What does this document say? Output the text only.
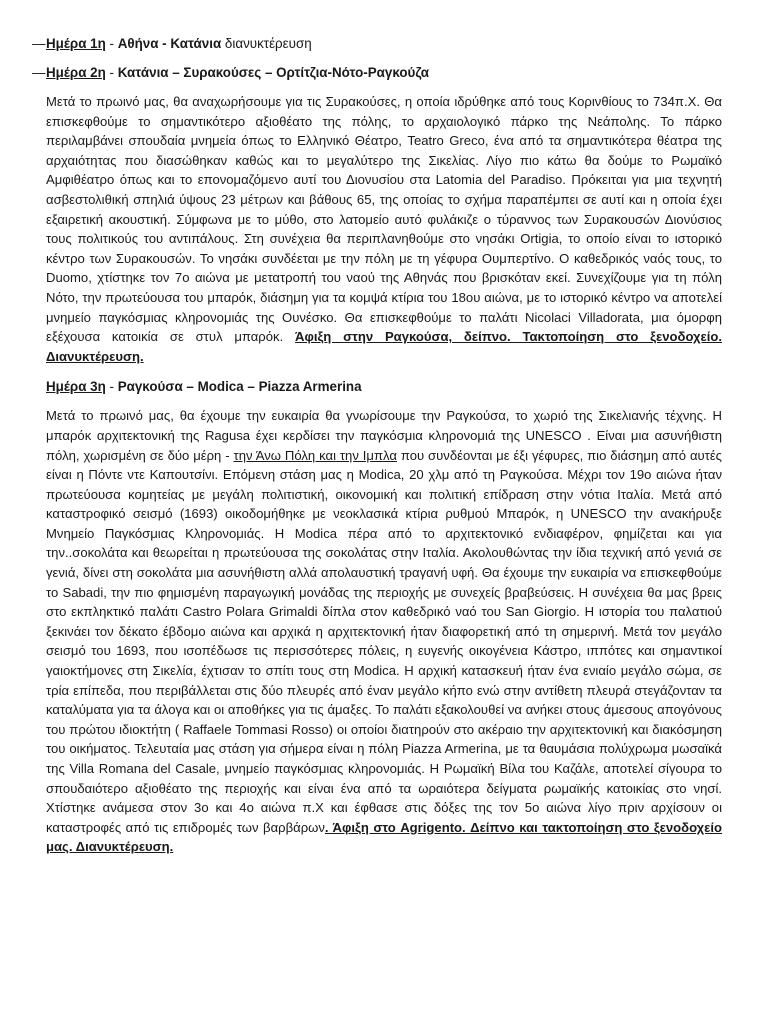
— Ημέρα 1η - Αθήνα - Κατάνια διανυκτέρευση
— Ημέρα 2η - Κατάνια – Συρακούσες – Ορτίτζια-Νότο-Ραγκούζα

Μετά το πρωινό μας, θα αναχωρήσουμε για τις Συρακούσες, η οποία ιδρύθηκε από τους Κορινθίους το 734π.Χ. Θα επισκεφθούμε το σημαντικότερο αξιοθέατο της πόλης, το αρχαιολογικό πάρκο της Νεάπολης. Το πάρκο περιλαμβάνει σπουδαία μνημεία όπως το Ελληνικό Θέατρο, Teatro Greco, ένα από τα σημαντικότερα θέατρα της αρχαιότητας που διασώθηκαν καθώς και το μεγαλύτερο της Σικελίας. Λίγο πιο κάτω θα δούμε το Ρωμαϊκό Αμφιθέατρο όπως και το επονομαζόμενο αυτί του Διονυσίου στα Latomia del Paradiso. Πρόκειται για μια τεχνητή ασβεστολιθική σπηλιά ύψους 23 μέτρων και βάθους 65, της οποίας το σχήμα παραπέμπει σε αυτί και η οποία έχει εξαιρετική ακουστική. Σύμφωνα με το μύθο, στο λατομείο αυτό φυλάκιζε ο τύραννος των Συρακουσών Διονύσιος τους πολιτικούς του αντιπάλους. Στη συνέχεια θα περιπλανηθούμε στο νησάκι Ortigia, το οποίο είναι το ιστορικό κέντρο των Συρακουσών. Το νησάκι συνδέεται με την πόλη με τη γέφυρα Ουμπερτίνο. Ο καθεδρικός ναός τους, το Duomo, χτίστηκε τον 7ο αιώνα με μετατροπή του ναού της Αθηνάς που βρισκόταν εκεί. Συνεχίζουμε για τη πόλη Νότο, την πρωτεύουσα του μπαρόκ, διάσημη για τα κομψά κτίρια του 18ου αιώνα, με το ιστορικό κέντρο να αποτελεί μνημείο παγκόσμιας κληρονομιάς της Ουνέσκο. Θα επισκεφθούμε το παλάτι Nicolaci Villadorata, μια όμορφη εξέχουσα κατοικία σε στυλ μπαρόκ. Άφιξη στην Ραγκούσα, δείπνο. Τακτοποίηση στο ξενοδοχείο. Διανυκτέρευση.

Ημέρα 3η - Ραγκούσα – Modica – Piazza Armerina

Μετά το πρωινό μας, θα έχουμε την ευκαιρία θα γνωρίσουμε την Ραγκούσα, το χωριό της Σικελιανής τέχνης. Η μπαρόκ αρχιτεκτονική της Ragusa έχει κερδίσει την παγκόσμια κληρονομιά της UNESCO . Είναι μια ασυνήθιστη πόλη, χωρισμένη σε δύο μέρη - την Άνω Πόλη και την Ιμπλα που συνδέονται με έξι γέφυρες, πιο διάσημη από αυτές είναι η Πόντε ντε Καπουτσίνι. Επόμενη στάση μας η Modica, 20 χλμ από τη Ραγκούσα. Μέχρι τον 19ο αιώνα ήταν πρωτεύουσα κομητείας με μεγάλη πολιτιστική, οικονομική και πολιτική επίδραση στην νότια Ιταλία. Μετά από καταστροφικό σεισμό (1693) οικοδομήθηκε με νεοκλασικά κτίρια ρυθμού Μπαρόκ, η UNESCO την ανακήρυξε Μνημείο Παγκόσμιας Κληρονομιάς. Η Modica πέρα από το αρχιτεκτονικό ενδιαφέρον, φημίζεται και για την..σοκολάτα και θεωρείται η πρωτεύουσα της σοκολάτας στην Ιταλία. Ακολουθώντας την ίδια τεχνική από γενιά σε γενιά, δίνει στη σοκολάτα μια ασυνήθιστη αλλά απολαυστική τραγανή υφή. Θα έχουμε την ευκαιρία να επισκεφθούμε το Sabadi, την πιο φημισμένη παραγωγική μονάδας της περιοχής με συνεχείς βραβεύσεις. Η συνέχεια θα μας βρεις στο εκπληκτικό παλάτι Castro Polara Grimaldi δίπλα στον καθεδρικό ναό του San Giorgio. Η ιστορία του παλατιού ξεκινάει τον δέκατο έβδομο αιώνα και αρχικά η αρχιτεκτονική ήταν διαφορετική από τη σημερινή. Μετά τον μεγάλο σεισμό του 1693, που ισοπέδωσε τις περισσότερες πόλεις, η ευγενής οικογένεια Κάστρο, ιππότες και σημαντικοί γαιοκτήμονες στη Σικελία, έχτισαν το σπίτι τους στη Modica. Η αρχική κατασκευή ήταν ένα ενιαίο μεγάλο σώμα, σε τρία επίπεδα, που περιβάλλεται στις δύο πλευρές από έναν μεγάλο κήπο ενώ στην αντίθετη πλευρά στεγάζονταν τα καταλύματα για τα άλογα και οι αποθήκες για τις άμαξες. Το παλάτι εξακολουθεί να ανήκει στους άμεσους απογόνους του πρώτου ιδιοκτήτη ( Raffaele Tommasi Rosso) οι οποίοι διατηρούν στο ακέραιο την αρχιτεκτονική και διακόσμηση του οικήματος. Τελευταία μας στάση για σήμερα είναι η πόλη Piazza Armerina, με τα θαυμάσια πολύχρωμα μωσαϊκά της Villa Romana del Casale, μνημείο παγκόσμιας κληρονομιάς. Η Ρωμαϊκή Βίλα του Καζάλε, αποτελεί σίγουρα το σπουδαιότερο αξιοθέατο της περιοχής και είναι ένα από τα ωραιότερα δείγματα ρωμαϊκής κατοικίας στο νησί. Χτίστηκε ανάμεσα στον 3ο και 4ο αιώνα π.Χ και έφθασε στις δόξες της τον 5ο αιώνα λίγο πριν αρχίσουν οι καταστροφές από τις επιδρομές των βαρβάρων. Άφιξη στο Agrigento. Δείπνο και τακτοποίηση στο ξενοδοχείο μας. Διανυκτέρευση.
